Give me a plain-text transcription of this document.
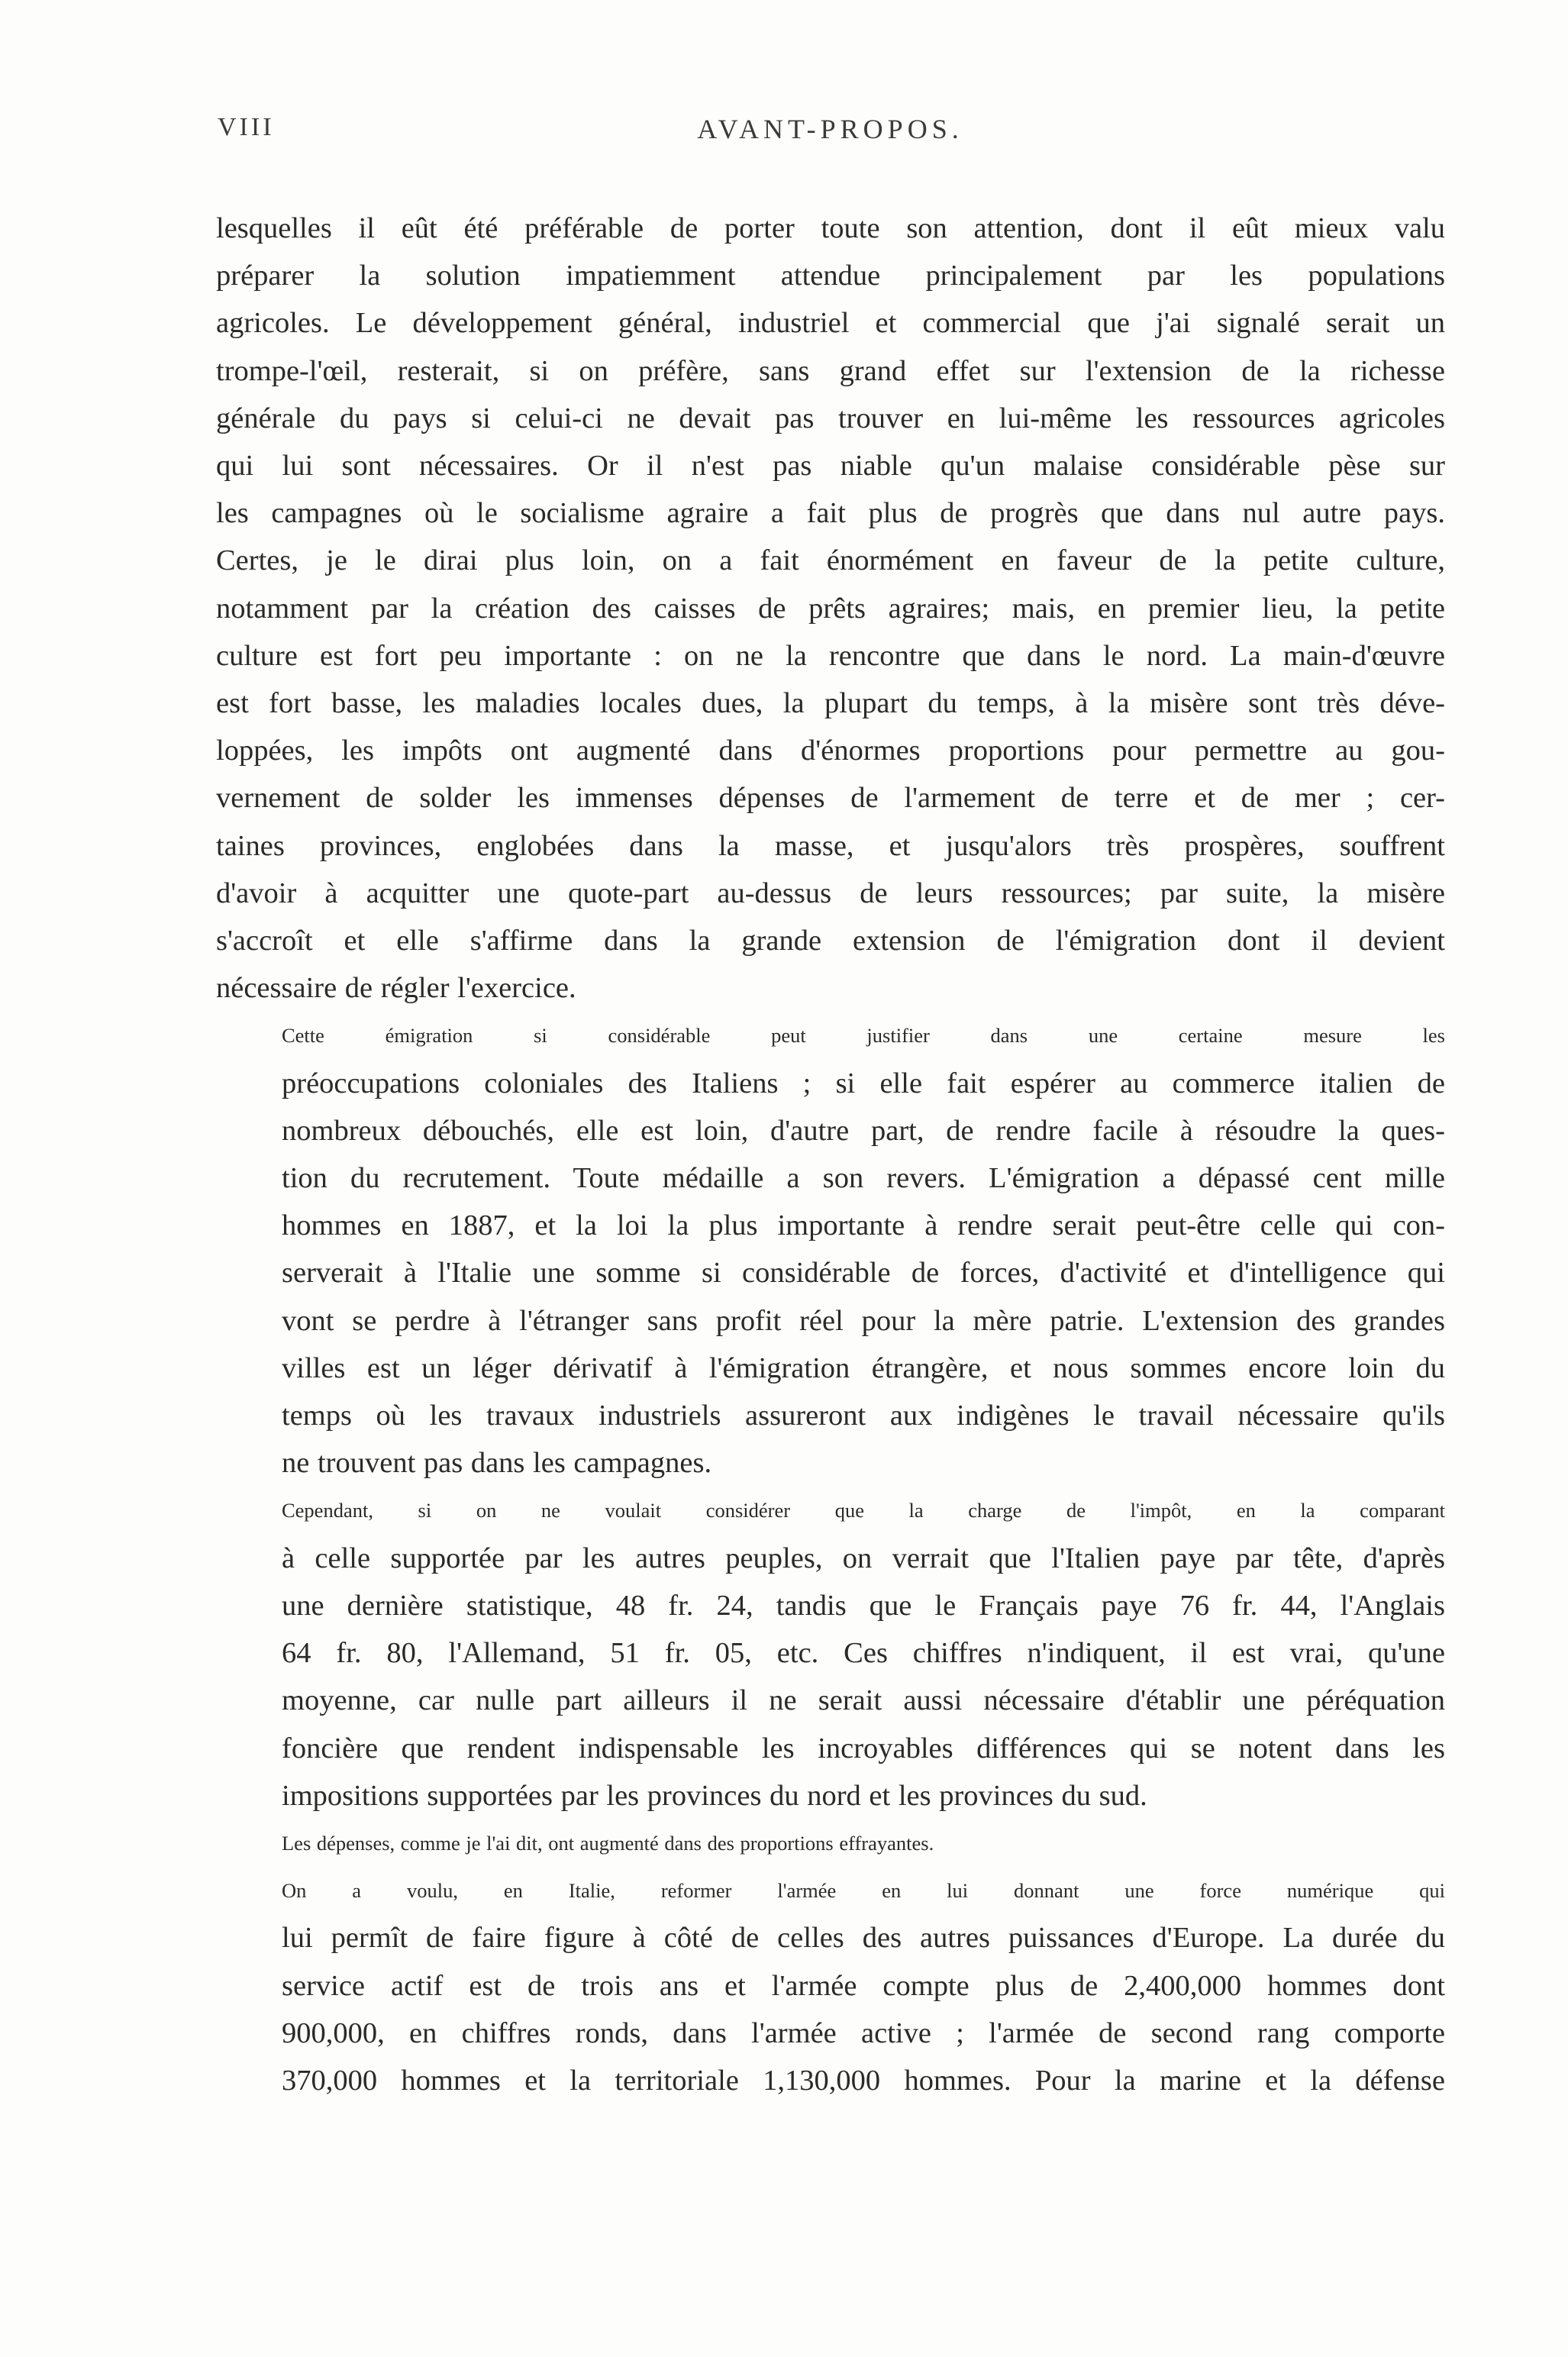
VIII	AVANT-PROPOS.

lesquelles il eût été préférable de porter toute son attention, dont il eût mieux valu
préparer la solution impatiemment attendue principalement par les populations
agricoles. Le développement général, industriel et commercial que j'ai signalé serait un
trompe-l'œil, resterait, si on préfère, sans grand effet sur l'extension de la richesse
générale du pays si celui-ci ne devait pas trouver en lui-même les ressources agricoles
qui lui sont nécessaires. Or il n'est pas niable qu'un malaise considérable pèse sur
les campagnes où le socialisme agraire a fait plus de progrès que dans nul autre pays.
Certes, je le dirai plus loin, on a fait énormément en faveur de la petite culture,
notamment par la création des caisses de prêts agraires; mais, en premier lieu, la petite
culture est fort peu importante : on ne la rencontre que dans le nord. La main-d'œuvre
est fort basse, les maladies locales dues, la plupart du temps, à la misère sont très déve-
loppées, les impôts ont augmenté dans d'énormes proportions pour permettre au gou-
vernement de solder les immenses dépenses de l'armement de terre et de mer ; cer-
taines provinces, englobées dans la masse, et jusqu'alors très prospères, souffrent
d'avoir à acquitter une quote-part au-dessus de leurs ressources; par suite, la misère
s'accroît et elle s'affirme dans la grande extension de l'émigration dont il devient
nécessaire de régler l'exercice.

Cette émigration si considérable peut justifier dans une certaine mesure les
préoccupations coloniales des Italiens ; si elle fait espérer au commerce italien de
nombreux débouchés, elle est loin, d'autre part, de rendre facile à résoudre la ques-
tion du recrutement. Toute médaille a son revers. L'émigration a dépassé cent mille
hommes en 1887, et la loi la plus importante à rendre serait peut-être celle qui con-
serverait à l'Italie une somme si considérable de forces, d'activité et d'intelligence qui
vont se perdre à l'étranger sans profit réel pour la mère patrie. L'extension des grandes
villes est un léger dérivatif à l'émigration étrangère, et nous sommes encore loin du
temps où les travaux industriels assureront aux indigènes le travail nécessaire qu'ils
ne trouvent pas dans les campagnes.

Cependant, si on ne voulait considérer que la charge de l'impôt, en la comparant
à celle supportée par les autres peuples, on verrait que l'Italien paye par tête, d'après
une dernière statistique, 48 fr. 24, tandis que le Français paye 76 fr. 44, l'Anglais
64 fr. 80, l'Allemand, 51 fr. 05, etc. Ces chiffres n'indiquent, il est vrai, qu'une
moyenne, car nulle part ailleurs il ne serait aussi nécessaire d'établir une péréquation
foncière que rendent indispensable les incroyables différences qui se notent dans les
impositions supportées par les provinces du nord et les provinces du sud.

Les dépenses, comme je l'ai dit, ont augmenté dans des proportions effrayantes.

On a voulu, en Italie, reformer l'armée en lui donnant une force numérique qui
lui permît de faire figure à côté de celles des autres puissances d'Europe. La durée du
service actif est de trois ans et l'armée compte plus de 2,400,000 hommes dont
900,000, en chiffres ronds, dans l'armée active ; l'armée de second rang comporte
370,000 hommes et la territoriale 1,130,000 hommes. Pour la marine et la défense
